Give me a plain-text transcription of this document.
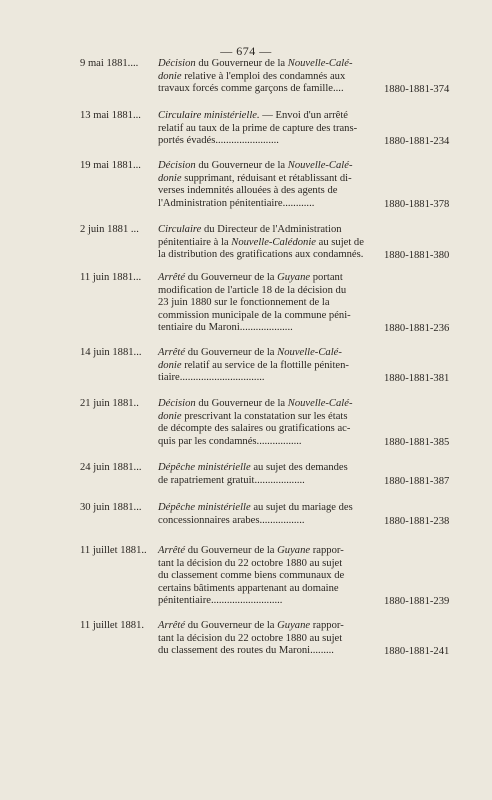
— 674 —
9 mai 1881.... Décision du Gouverneur de la Nouvelle-Calé-
donie relative à l'emploi des condamnés aux
travaux forcés comme garçons de famille....	1880-1881-374
13 mai 1881... Circulaire ministérielle. — Envoi d'un arrêté
relatif au taux de la prime de capture des trans-
portés évadés........................	1880-1881-234
19 mai 1881... Décision du Gouverneur de la Nouvelle-Calé-
donie supprimant, réduisant et rétablissant di-
verses indemnités allouées à des agents de
l'Administration pénitentiaire............	1880-1881-378
2 juin 1881 ... Circulaire du Directeur de l'Administration
pénitentiaire à la Nouvelle-Calédonie au sujet de
la distribution des gratifications aux condamnés.	1880-1881-380
11 juin 1881... Arrêté du Gouverneur de la Guyane portant
modification de l'article 18 de la décision du
23 juin 1880 sur le fonctionnement de la
commission municipale de la commune péni-
tentiaire du Maroni....................	1880-1881-236
14 juin 1881... Arrêté du Gouverneur de la Nouvelle-Calé-
donie relatif au service de la flottille péniten-
tiaire................................	1880-1881-381
21 juin 1881.. Décision du Gouverneur de la Nouvelle-Calé-
donie prescrivant la constatation sur les états
de décompte des salaires ou gratifications ac-
quis par les condamnés.................	1880-1881-385
24 juin 1881... Dépêche ministérielle au sujet des demandes
de rapatriement gratuit...................	1880-1881-387
30 juin 1881... Dépêche ministérielle au sujet du mariage des
concessionnaires arabes.................	1880-1881-238
11 juillet 1881.. Arrêté du Gouverneur de la Guyane rappor-
tant la décision du 22 octobre 1880 au sujet
du classement comme biens communaux de
certains bâtiments appartenant au domaine
pénitentiaire...........................	1880-1881-239
11 juillet 1881. Arrêté du Gouverneur de la Guyane rappor-
tant la décision du 22 octobre 1880 au sujet
du classement des routes du Maroni.........	1880-1881-241
